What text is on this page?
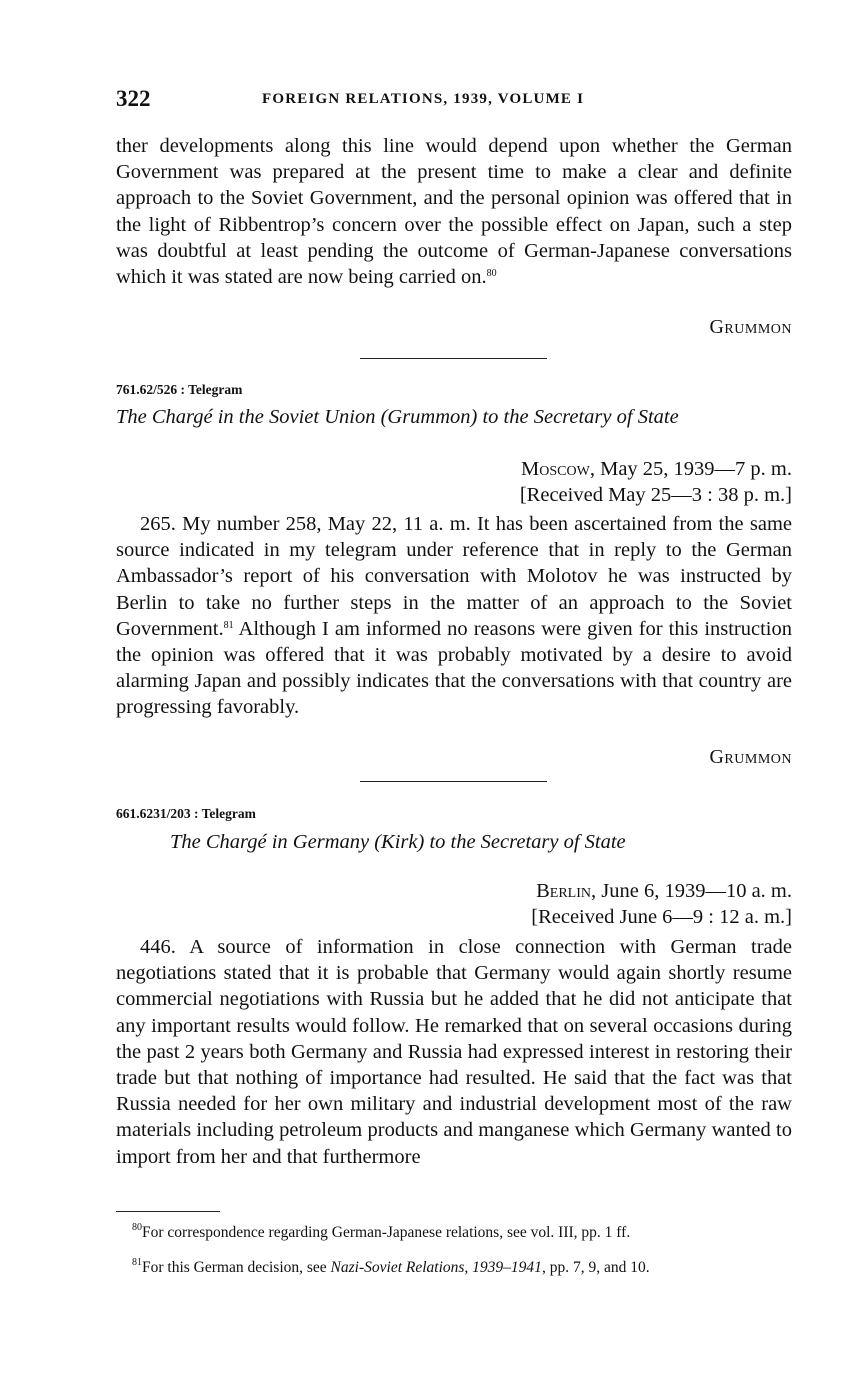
322	FOREIGN RELATIONS, 1939, VOLUME I

ther developments along this line would depend upon whether the German Government was prepared at the present time to make a clear and definite approach to the Soviet Government, and the personal opinion was offered that in the light of Ribbentrop’s concern over the possible effect on Japan, such a step was doubtful at least pending the outcome of German-Japanese conversations which it was stated are now being carried on.$^{80}$

Grummon
761.62/526 : Telegram
The Chargé in the Soviet Union (Grummon) to the Secretary of State
Moscow, May 25, 1939—7 p. m.
[Received May 25—3 : 38 p. m.]

265. My number 258, May 22, 11 a. m. It has been ascertained from the same source indicated in my telegram under reference that in reply to the German Ambassador’s report of his conversation with Molotov he was instructed by Berlin to take no further steps in the matter of an approach to the Soviet Government.$^{81}$ Although I am informed no reasons were given for this instruction the opinion was offered that it was probably motivated by a desire to avoid alarming Japan and possibly indicates that the conversations with that country are progressing favorably.

Grummon
661.6231/203 : Telegram
The Chargé in Germany (Kirk) to the Secretary of State
Berlin, June 6, 1939—10 a. m.
[Received June 6—9 : 12 a. m.]

446. A source of information in close connection with German trade negotiations stated that it is probable that Germany would again shortly resume commercial negotiations with Russia but he added that he did not anticipate that any important results would follow. He remarked that on several occasions during the past 2 years both Germany and Russia had expressed interest in restoring their trade but that nothing of importance had resulted. He said that the fact was that Russia needed for her own military and industrial development most of the raw materials including petroleum products and manganese which Germany wanted to import from her and that furthermore

$^{80}$For correspondence regarding German-Japanese relations, see vol. III, pp. 1 ff.

$^{81}$For this German decision, see Nazi-Soviet Relations, 1939–1941, pp. 7, 9, and 10.
